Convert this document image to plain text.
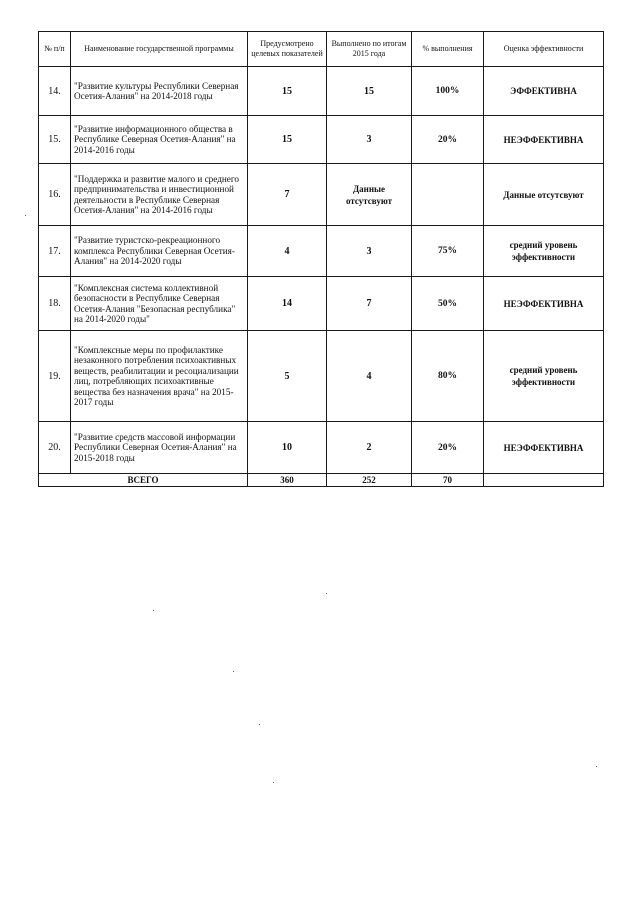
№ п/п	Наименование государственной программы	Предусмотрено целевых показателей	Выполнено по итогам 2015 года	% выполнения	Оценка эффективности
14.	"Развитие культуры Республики Северная Осетия-Алания" на 2014-2018 годы	15	15	100%	ЭФФЕКТИВНА
15.	"Развитие информационного общества в Республике Северная Осетия-Алания" на 2014-2016 годы	15	3	20%	НЕЭФФЕКТИВНА
16.	"Поддержка и развитие малого и среднего предпринимательства и инвестиционной деятельности в Республике Северная Осетия-Алания" на 2014-2016 годы	7	Данные отсутсвуют		Данные отсутсвуют
17.	"Развитие туристско-рекреационного комплекса Республики Северная Осетия-Алания" на 2014-2020 годы	4	3	75%	средний уровень эффективности
18.	"Комплексная система коллективной безопасности в Республике Северная Осетия-Алания "Безопасная республика" на 2014-2020 годы"	14	7	50%	НЕЭФФЕКТИВНА
19.	"Комплексные меры по профилактике незаконного потребления психоактивных веществ, реабилитации и ресоциализации лиц, потребляющих психоактивные вещества без назначения врача" на 2015-2017 годы	5	4	80%	средний уровень эффективности
20.	"Развитие средств массовой информации Республики Северная Осетия-Алания" на 2015-2018 годы	10	2	20%	НЕЭФФЕКТИВНА
ВСЕГО		360	252	70	
